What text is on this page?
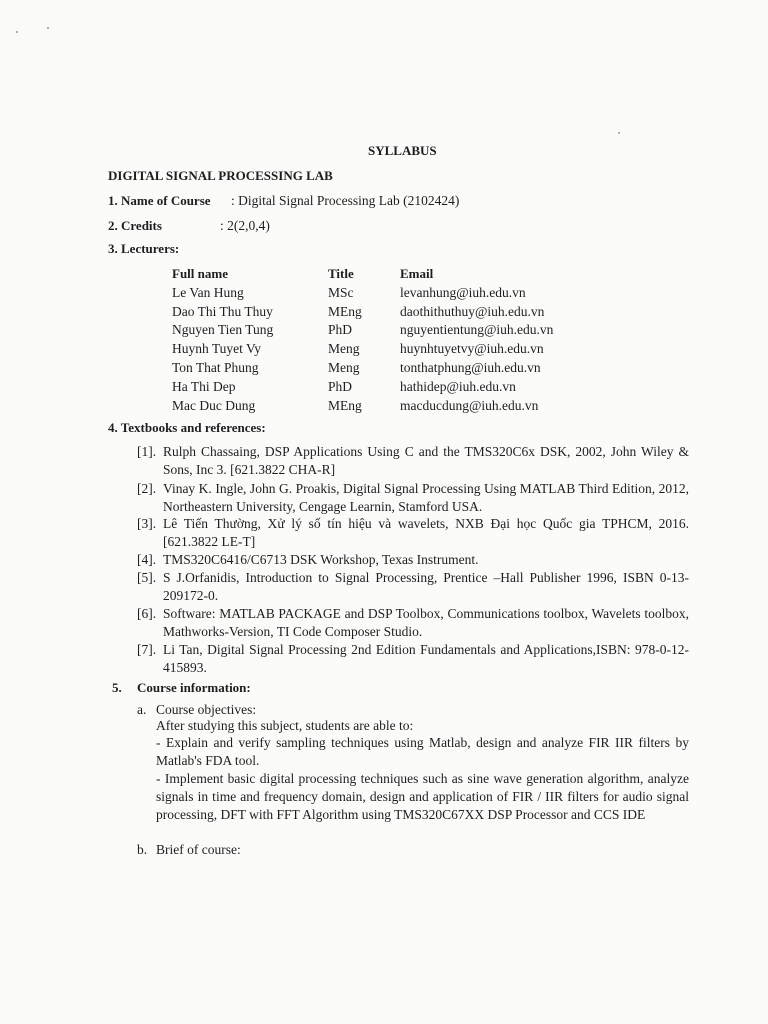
SYLLABUS
DIGITAL SIGNAL PROCESSING LAB
1. Name of Course : Digital Signal Processing Lab (2102424)
2. Credits	: 2(2,0,4)
3. Lecturers:
Full name	Title	Email
Le Van Hung	MSc	levanhung@iuh.edu.vn
Dao Thi Thu Thuy	MEng	daothithuthuy@iuh.edu.vn
Nguyen Tien Tung	PhD	nguyentientung@iuh.edu.vn
Huynh Tuyet Vy	Meng	huynhtuyetvy@iuh.edu.vn
Ton That Phung	Meng	tonthatphung@iuh.edu.vn
Ha Thi Dep	PhD	hathidep@iuh.edu.vn
Mac Duc Dung	MEng	macducdung@iuh.edu.vn
4. Textbooks and references:
[1]. Rulph Chassaing, DSP Applications Using C and the TMS320C6x DSK, 2002, John Wiley & Sons, Inc 3. [621.3822 CHA-R]
[2]. Vinay K. Ingle, John G. Proakis, Digital Signal Processing Using MATLAB Third Edition, 2012, Northeastern University, Cengage Learnin, Stamford USA.
[3]. Lê Tiến Thường, Xử lý số tín hiệu và wavelets, NXB Đại học Quốc gia TPHCM, 2016. [621.3822 LE-T]
[4]. TMS320C6416/C6713 DSK Workshop, Texas Instrument.
[5]. S J.Orfanidis, Introduction to Signal Processing, Prentice –Hall Publisher 1996, ISBN 0-13-209172-0.
[6]. Software: MATLAB PACKAGE and DSP Toolbox, Communications toolbox, Wavelets toolbox, Mathworks-Version, TI Code Composer Studio.
[7]. Li Tan, Digital Signal Processing 2nd Edition Fundamentals and Applications,ISBN: 978-0-12-415893.
5. Course information:
a. Course objectives:
After studying this subject, students are able to:
- Explain and verify sampling techniques using Matlab, design and analyze FIR IIR filters by Matlab's FDA tool.
- Implement basic digital processing techniques such as sine wave generation algorithm, analyze signals in time and frequency domain, design and application of FIR / IIR filters for audio signal processing, DFT with FFT Algorithm using TMS320C67XX DSP Processor and CCS IDE
b. Brief of course:
